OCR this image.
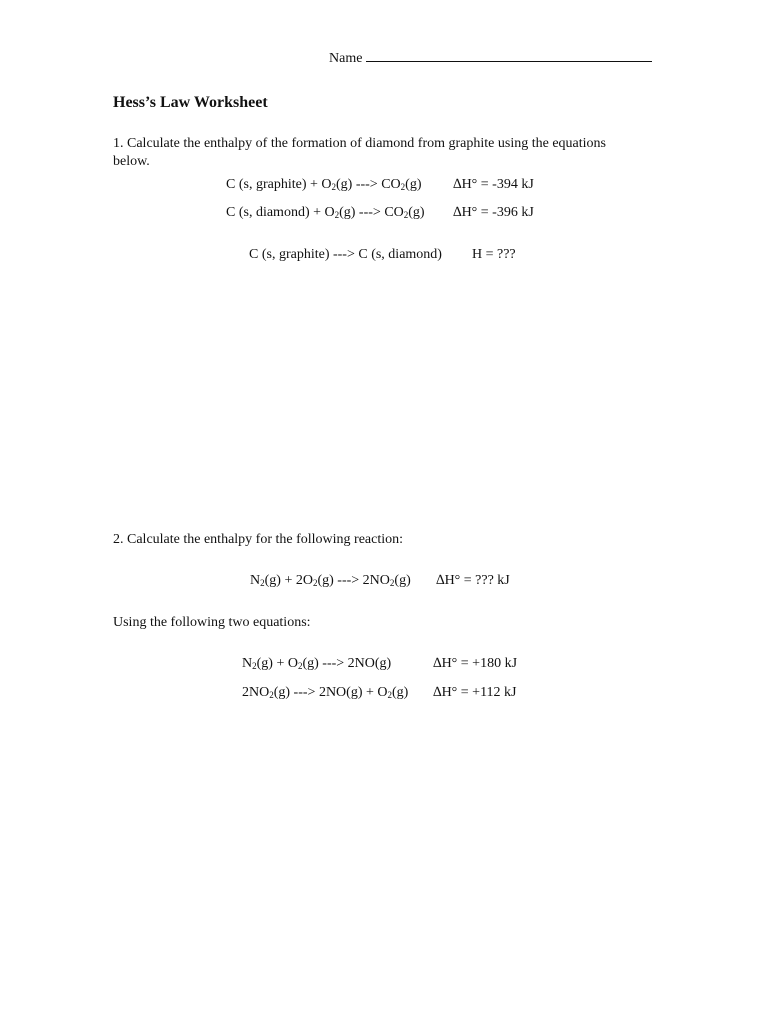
Name
Hess’s Law Worksheet
1. Calculate the enthalpy of the formation of diamond from graphite using the equations
below.
C (s, graphite) + $O_2(g)$ ---> $CO_2(g) \Delta H^\circ = -394$ kJ
C (s, diamond) + $O_2(g)$ ---> $CO_2(g) \Delta H^\circ = -396$ kJ
C (s, graphite) ---> C (s, diamond) H = ???
2. Calculate the enthalpy for the following reaction:
$N_2(g) + 2O_2(g)$ ---> $2NO_2(g) \Delta H^\circ$ = ??? kJ
Using the following two equations:
$N_2(g) + O_2(g)$ ---> 2NO(g)	∆H° = +180 kJ
$2NO_2(g)$ ---> $2NO(g) + O_2(g) \Delta H^\circ = +112$ kJ
